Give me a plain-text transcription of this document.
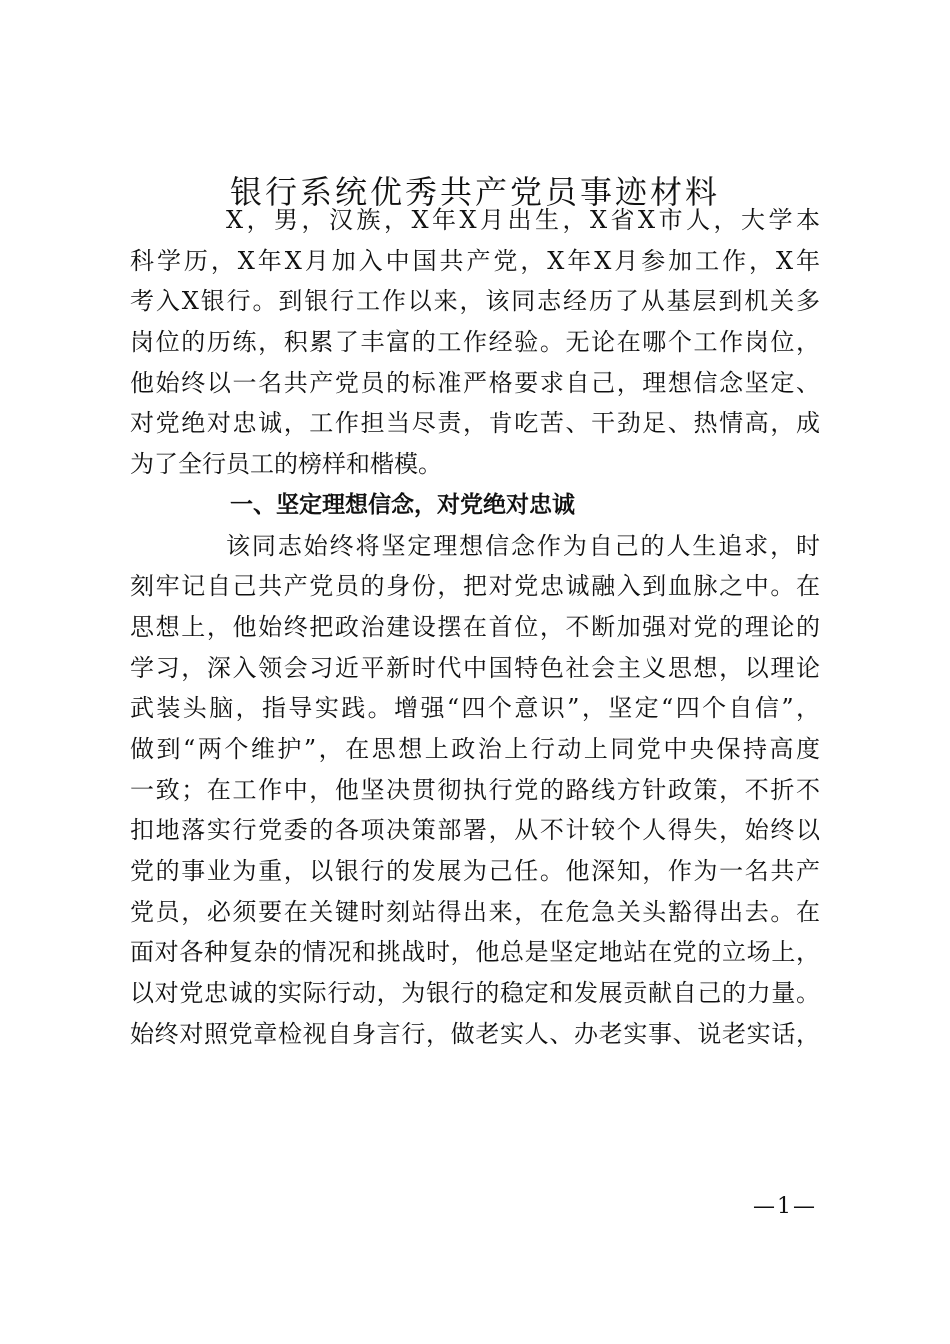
银行系统优秀共产党员事迹材料
X，男，汉族，X年X月出生，X省X市人，大学本
科学历，X年X月加入中国共产党，X年X月参加工作，X年
考入X银行。到银行工作以来，该同志经历了从基层到机关多
岗位的历练，积累了丰富的工作经验。无论在哪个工作岗位，
他始终以一名共产党员的标准严格要求自己，理想信念坚定、
对党绝对忠诚，工作担当尽责，肯吃苦、干劲足、热情高，成
为了全行员工的榜样和楷模。
一、坚定理想信念，对党绝对忠诚
该同志始终将坚定理想信念作为自己的人生追求，时
刻牢记自己共产党员的身份，把对党忠诚融入到血脉之中。在
思想上，他始终把政治建设摆在首位，不断加强对党的理论的
学习，深入领会习近平新时代中国特色社会主义思想，以理论
武装头脑，指导实践。增强“四个意识”，坚定“四个自信”，
做到“两个维护”，在思想上政治上行动上同党中央保持高度
一致；在工作中，他坚决贯彻执行党的路线方针政策，不折不
扣地落实行党委的各项决策部署，从不计较个人得失，始终以
党的事业为重，以银行的发展为己任。他深知，作为一名共产
党员，必须要在关键时刻站得出来，在危急关头豁得出去。在
面对各种复杂的情况和挑战时，他总是坚定地站在党的立场上，
以对党忠诚的实际行动，为银行的稳定和发展贡献自己的力量。
始终对照党章检视自身言行，做老实人、办老实事、说老实话，
—1—
